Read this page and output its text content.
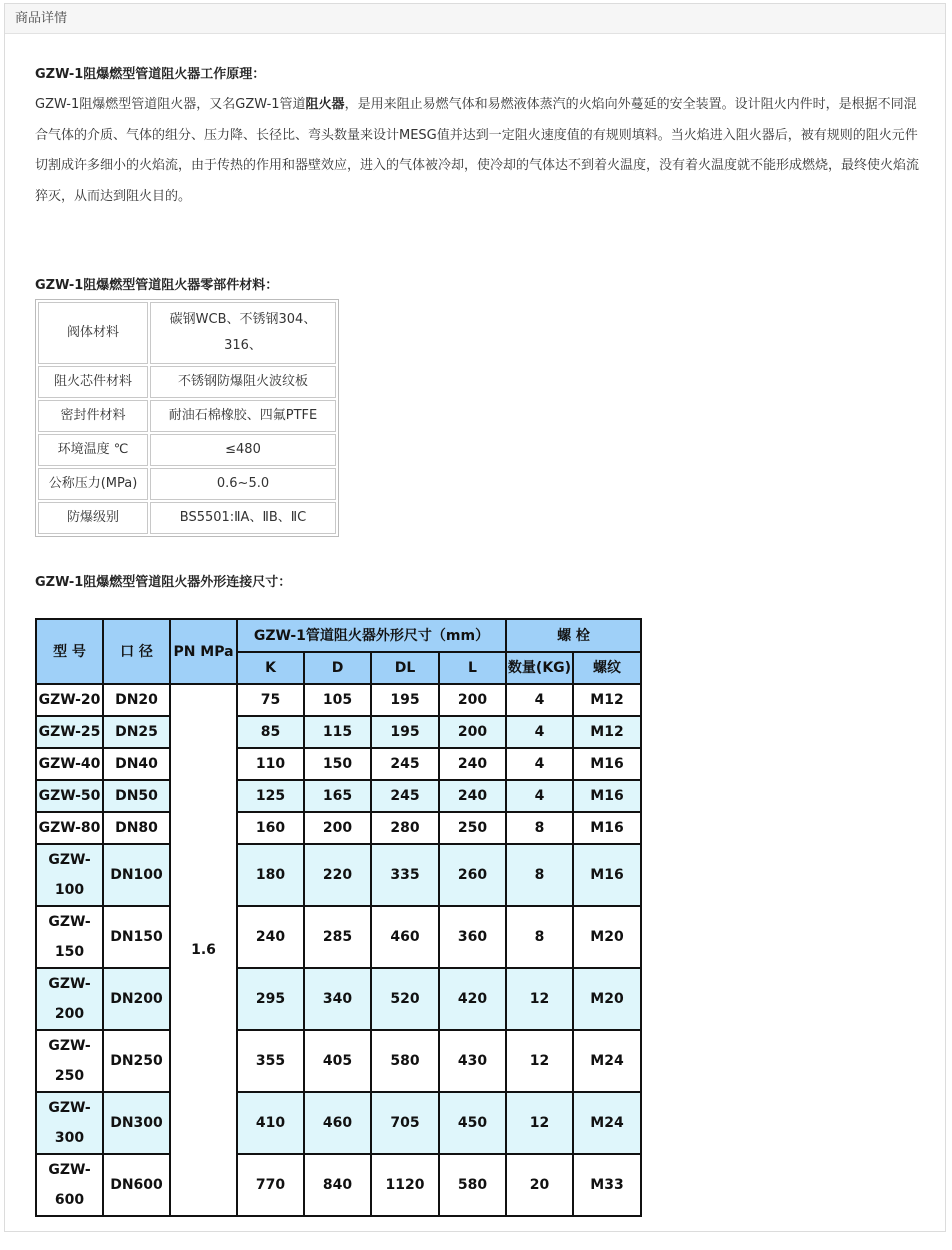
商品详情
GZW-1阻爆燃型管道阻火器工作原理：

GZW-1阻爆燃型管道阻火器，又名GZW-1管道阻火器，是用来阻止易燃气体和易燃液体蒸汽的火焰向外蔓延的安全装置。设计阻火内件时，是根据不同混合气体的介质、气体的组分、压力降、长径比、弯头数量来设计MESG值并达到一定阻火速度值的有规则填料。当火焰进入阻火器后，被有规则的阻火元件切割成许多细小的火焰流，由于传热的作用和器壁效应，进入的气体被冷却，使冷却的气体达不到着火温度，没有着火温度就不能形成燃烧，最终使火焰流猝灭，从而达到阻火目的。

GZW-1阻爆燃型管道阻火器零部件材料：
阀体材料	碳钢WCB、不锈钢304、
316、
阻火芯件材料	不锈钢防爆阻火波纹板
密封件材料	耐油石棉橡胶、四氟PTFE
环境温度 ℃	≤480
公称压力(MPa)	0.6~5.0
防爆级别	BS5501:ⅡA、ⅡB、ⅡC
GZW-1阻爆燃型管道阻火器外形连接尺寸：
型 号	口 径	PN MPa	GZW-1管道阻火器外形尺寸（mm）				螺 栓	
			K	D	DL	L	数量(KG)	螺纹
GZW-20	DN20	1.6	75	105	195	200	4	M12
GZW-25	DN25		85	115	195	200	4	M12
GZW-40	DN40		110	150	245	240	4	M16
GZW-50	DN50		125	165	245	240	4	M16
GZW-80	DN80		160	200	280	250	8	M16
GZW-
100	DN100		180	220	335	260	8	M16
GZW-
150	DN150		240	285	460	360	8	M20
GZW-
200	DN200		295	340	520	420	12	M20
GZW-
250	DN250		355	405	580	430	12	M24
GZW-
300	DN300		410	460	705	450	12	M24
GZW-
600	DN600		770	840	1120	580	20	M33
